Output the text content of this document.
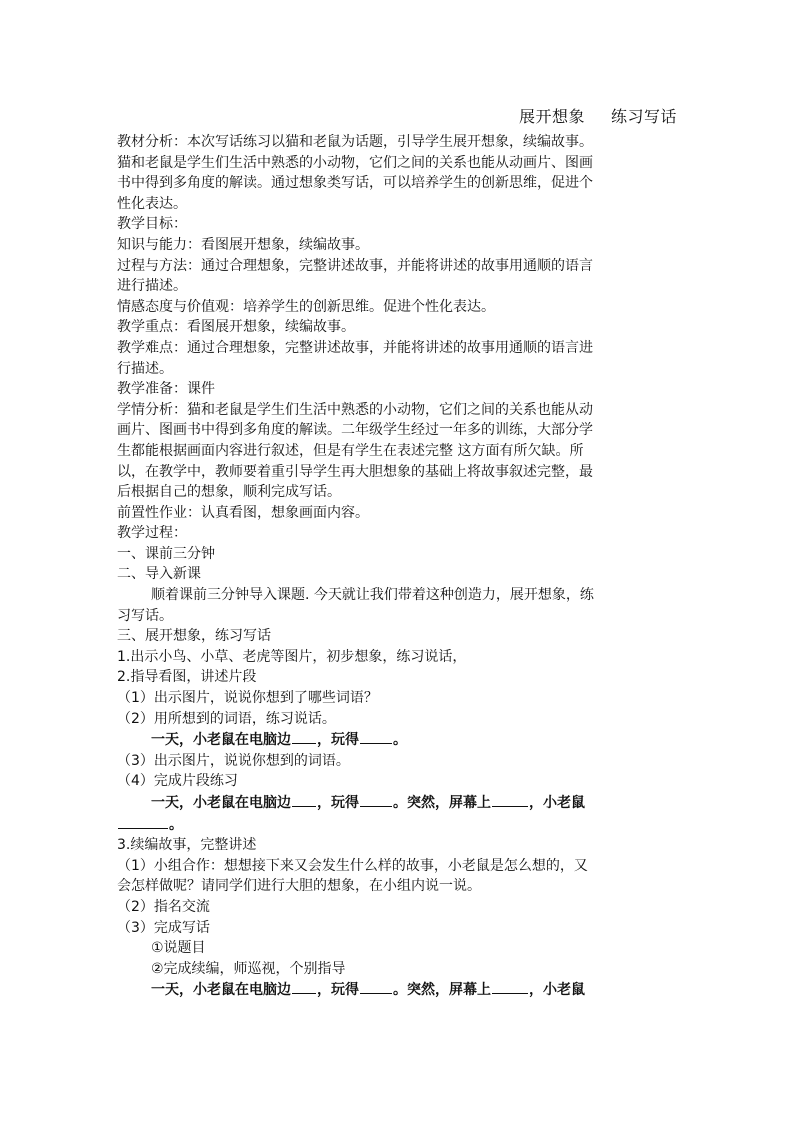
展开想象 练习写话

教材分析：本次写话练习以猫和老鼠为话题，引导学生展开想象，续编故事。

猫和老鼠是学生们生活中熟悉的小动物，它们之间的关系也能从动画片、图画

书中得到多角度的解读。通过想象类写话，可以培养学生的创新思维，促进个

性化表达。

教学目标：

知识与能力：看图展开想象，续编故事。

过程与方法：通过合理想象，完整讲述故事，并能将讲述的故事用通顺的语言

进行描述。

情感态度与价值观：培养学生的创新思维。促进个性化表达。

教学重点：看图展开想象，续编故事。

教学难点：通过合理想象，完整讲述故事，并能将讲述的故事用通顺的语言进

行描述。

教学准备：课件

学情分析：猫和老鼠是学生们生活中熟悉的小动物，它们之间的关系也能从动

画片、图画书中得到多角度的解读。二年级学生经过一年多的训练，大部分学

生都能根据画面内容进行叙述，但是有学生在表述完整 这方面有所欠缺。所

以，在教学中，教师要着重引导学生再大胆想象的基础上将故事叙述完整，最

后根据自己的想象，顺利完成写话。

前置性作业：认真看图，想象画面内容。

教学过程：

一、课前三分钟

二、导入新课

顺着课前三分钟导入课题. 今天就让我们带着这种创造力，展开想象，练

习写话。

三、展开想象，练习写话

1.出示小鸟、小草、老虎等图片，初步想象，练习说话，

2.指导看图，讲述片段

（1）出示图片，说说你想到了哪些词语？

（2）用所想到的词语，练习说话。

一天，小老鼠在电脑边 ，玩得 。

（3）出示图片，说说你想到的词语。

（4）完成片段练习

一天，小老鼠在电脑边 ，玩得 。突然，屏幕上	，小老鼠

。

3.续编故事，完整讲述

（1）小组合作：想想接下来又会发生什么样的故事，小老鼠是怎么想的，又

会怎样做呢？请同学们进行大胆的想象，在小组内说一说。

（2）指名交流

（3）完成写话

①说题目

②完成续编，师巡视，个别指导

一天，小老鼠在电脑边 ，玩得 。突然，屏幕上	，小老鼠
